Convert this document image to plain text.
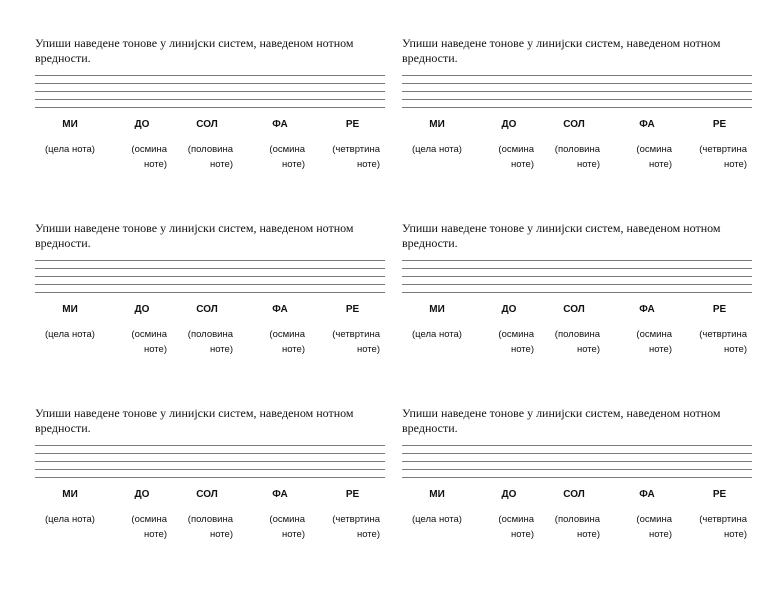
Упиши наведене тонове у линијски систем, наведеном нотном
вредности.
МИ
(цела нота)
ДО
(осмина
ноте)
СОЛ
(половина
ноте)
ФА
(осмина
ноте)
РЕ
(четвртина
ноте)
Упиши наведене тонове у линијски систем, наведеном нотном
вредности.
МИ
(цела нота)
ДО
(осмина
ноте)
СОЛ
(половина
ноте)
ФА
(осмина
ноте)
РЕ
(четвртина
ноте)
Упиши наведене тонове у линијски систем, наведеном нотном
вредности.
МИ
(цела нота)
ДО
(осмина
ноте)
СОЛ
(половина
ноте)
ФА
(осмина
ноте)
РЕ
(четвртина
ноте)
Упиши наведене тонове у линијски систем, наведеном нотном
вредности.
МИ
(цела нота)
ДО
(осмина
ноте)
СОЛ
(половина
ноте)
ФА
(осмина
ноте)
РЕ
(четвртина
ноте)
Упиши наведене тонове у линијски систем, наведеном нотном
вредности.
МИ
(цела нота)
ДО
(осмина
ноте)
СОЛ
(половина
ноте)
ФА
(осмина
ноте)
РЕ
(четвртина
ноте)
Упиши наведене тонове у линијски систем, наведеном нотном
вредности.
МИ
(цела нота)
ДО
(осмина
ноте)
СОЛ
(половина
ноте)
ФА
(осмина
ноте)
РЕ
(четвртина
ноте)
